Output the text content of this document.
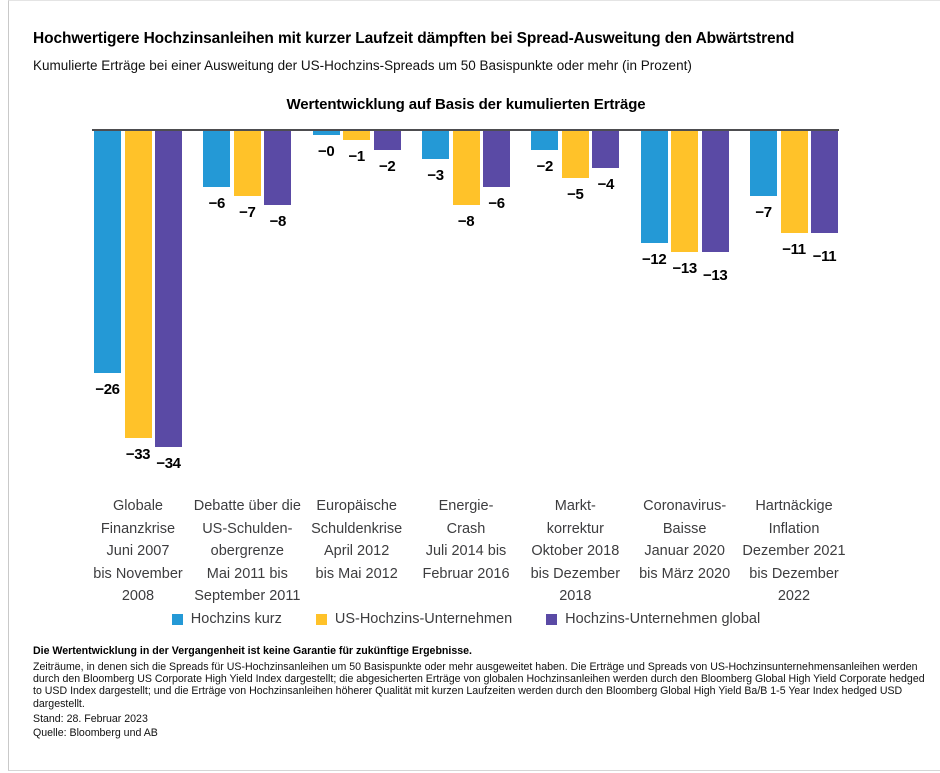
Hochwertigere Hochzinsanleihen mit kurzer Laufzeit dämpften bei Spread-Ausweitung den Abwärtstrend
Kumulierte Erträge bei einer Ausweitung der US-Hochzins-Spreads um 50 Basispunkte oder mehr (in Prozent)
Wertentwicklung auf Basis der kumulierten Erträge
−26
−33
−34
−6
−7
−8
−0 −1
−2
−3
−8
−6
−2
−5
−4
−12
−13 −13
−7
−11 −11
Globale
Finanzkrise
Juni 2007
bis November
2008
Debatte über die
US-Schulden-
obergrenze
Mai 2011 bis
September 2011
Europäische
Schuldenkrise
April 2012
bis Mai 2012
Energie-
Crash
Juli 2014 bis
Februar 2016
Markt-
korrektur
Oktober 2018
bis Dezember
2018
Coronavirus-
Baisse
Januar 2020
bis März 2020
Hartnäckige
Inflation
Dezember 2021
bis Dezember
2022
Hochzins kurz	US-Hochzins-Unternehmen	Hochzins-Unternehmen global
Die Wertentwicklung in der Vergangenheit ist keine Garantie für zukünftige Ergebnisse.
Zeiträume, in denen sich die Spreads für US-Hochzinsanleihen um 50 Basispunkte oder mehr ausgeweitet haben. Die Erträge und Spreads von US-Hochzinsunternehmensanleihen werden durch den Bloomberg US Corporate High Yield Index dargestellt; die abgesicherten Erträge von globalen Hochzinsanleihen werden durch den Bloomberg Global High Yield Corporate hedged to USD Index dargestellt; und die Erträge von Hochzinsanleihen höherer Qualität mit kurzen Laufzeiten werden durch den Bloomberg Global High Yield Ba/B 1-5 Year Index hedged USD dargestellt.
Stand: 28. Februar 2023
Quelle: Bloomberg und AB
